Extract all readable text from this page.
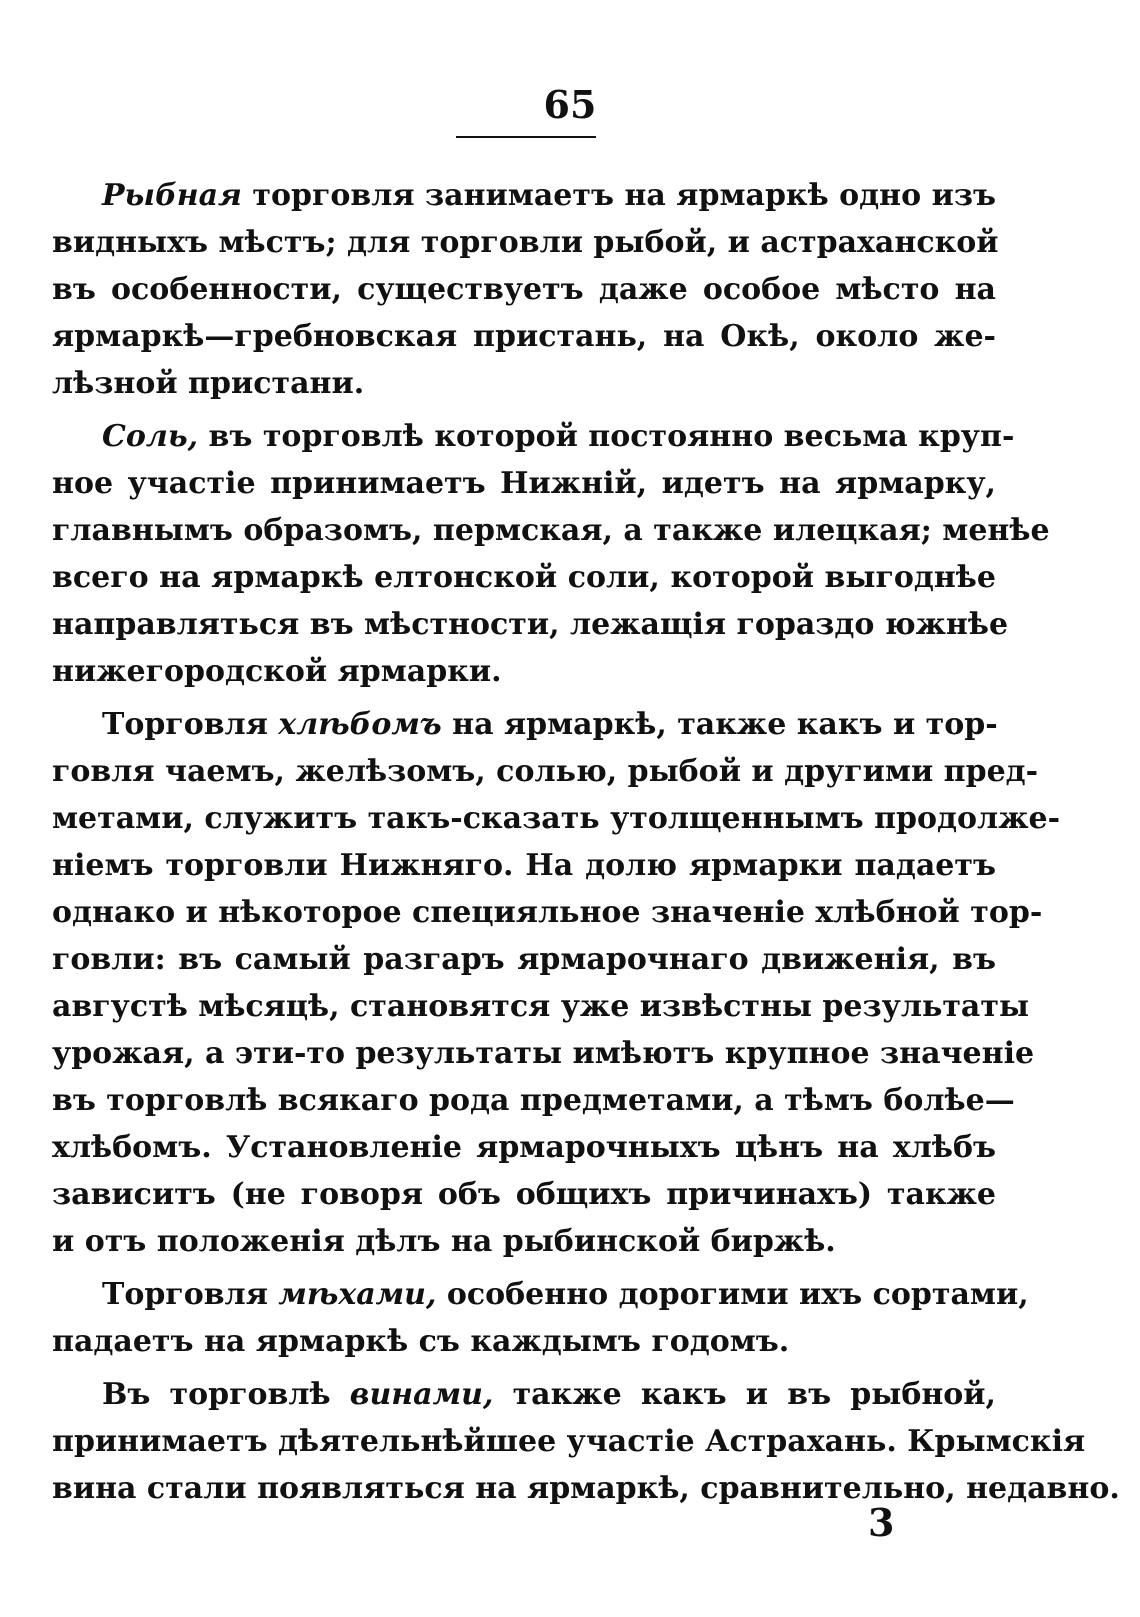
65
Рыбная торговля занимаетъ на ярмаркѣ одно изъ
видныхъ мѣстъ; для торговли рыбой, и астраханской
въ особенности, существуетъ даже особое мѣсто на
ярмаркѣ—гребновская пристань, на Окѣ, около же-
лѣзной пристани.
Соль, въ торговлѣ которой постоянно весьма круп-
ное участіе принимаетъ Нижній, идетъ на ярмарку,
главнымъ образомъ, пермская, а также илецкая; менѣе
всего на ярмаркѣ елтонской соли, которой выгоднѣе
направляться въ мѣстности, лежащія гораздо южнѣе
нижегородской ярмарки.
Торговля хлѣбомъ на ярмаркѣ, также какъ и тор-
говля чаемъ, желѣзомъ, солью, рыбой и другими пред-
метами, служитъ такъ-сказать утолщеннымъ продолже-
ніемъ торговли Нижняго. На долю ярмарки падаетъ
однако и нѣкоторое специяльное значеніе хлѣбной тор-
говли: въ самый разгаръ ярмарочнаго движенія, въ
августѣ мѣсяцѣ, становятся уже извѣстны результаты
урожая, а эти-то результаты имѣютъ крупное значеніе
въ торговлѣ всякаго рода предметами, а тѣмъ болѣе—
хлѣбомъ. Установленіе ярмарочныхъ цѣнъ на хлѣбъ
зависитъ (не говоря объ общихъ причинахъ) также
и отъ положенія дѣлъ на рыбинской биржѣ.
Торговля мѣхами, особенно дорогими ихъ сортами,
падаетъ на ярмаркѣ съ каждымъ годомъ.
Въ торговлѣ винами, также какъ и въ рыбной,
принимаетъ дѣятельнѣйшее участіе Астрахань. Крымскія
вина стали появляться на ярмаркѣ, сравнительно, недавно.
3
